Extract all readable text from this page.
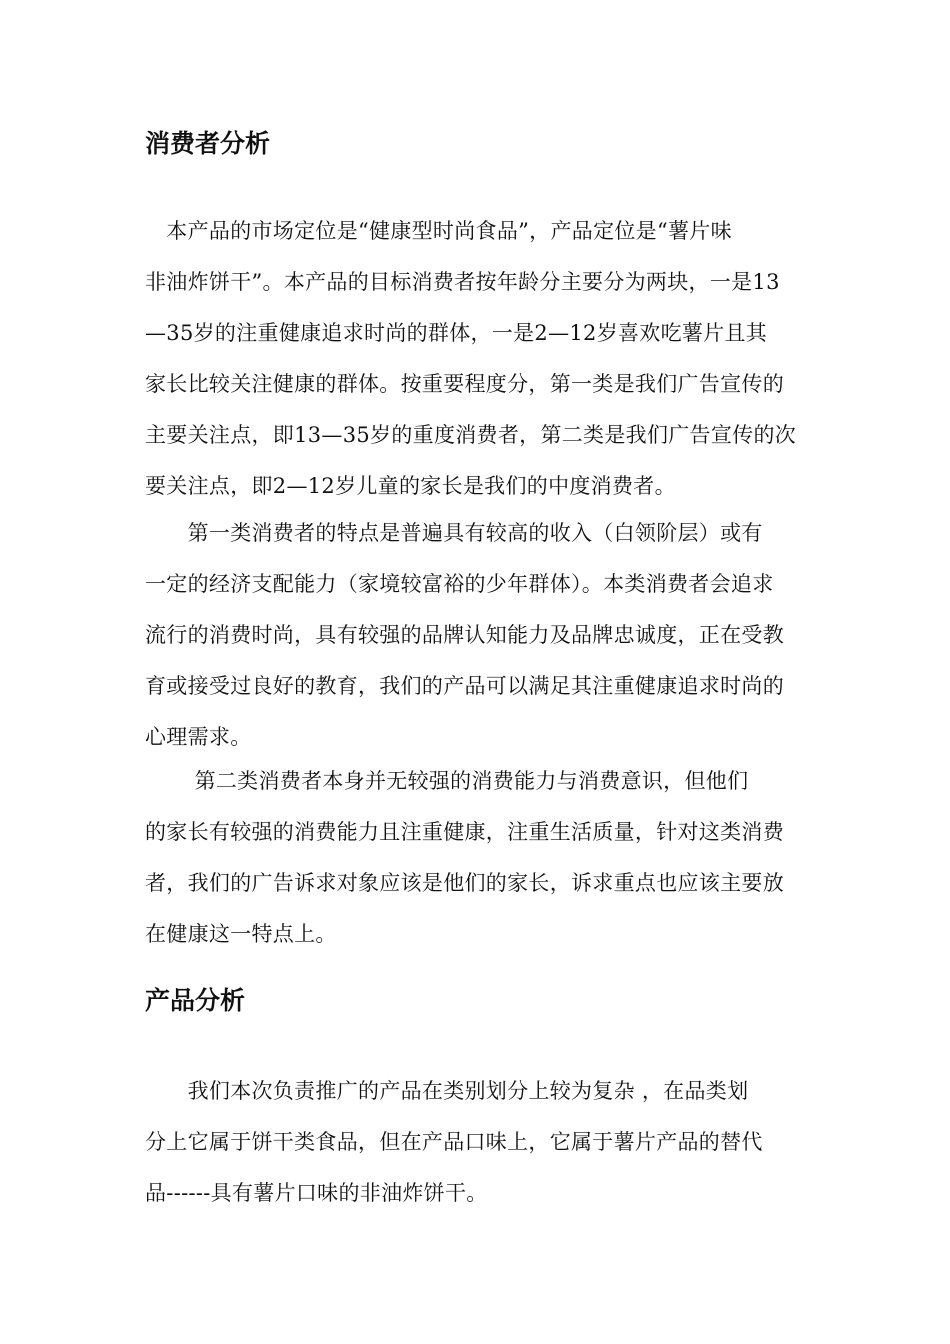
消费者分析
　本产品的市场定位是“健康型时尚食品”，产品定位是“薯片味
非油炸饼干”。本产品的目标消费者按年龄分主要分为两块，一是13
—35岁的注重健康追求时尚的群体，一是2—12岁喜欢吃薯片且其
家长比较关注健康的群体。按重要程度分，第一类是我们广告宣传的
主要关注点，即13—35岁的重度消费者，第二类是我们广告宣传的次
要关注点，即2—12岁儿童的家长是我们的中度消费者。
　　第一类消费者的特点是普遍具有较高的收入（白领阶层）或有
一定的经济支配能力（家境较富裕的少年群体）。本类消费者会追求
流行的消费时尚，具有较强的品牌认知能力及品牌忠诚度，正在受教
育或接受过良好的教育，我们的产品可以满足其注重健康追求时尚的
心理需求。
　　 第二类消费者本身并无较强的消费能力与消费意识，但他们
的家长有较强的消费能力且注重健康，注重生活质量，针对这类消费
者，我们的广告诉求对象应该是他们的家长，诉求重点也应该主要放
在健康这一特点上。
产品分析
　　我们本次负责推广的产品在类别划分上较为复杂 ，在品类划
分上它属于饼干类食品，但在产品口味上，它属于薯片产品的替代
品------具有薯片口味的非油炸饼干。
